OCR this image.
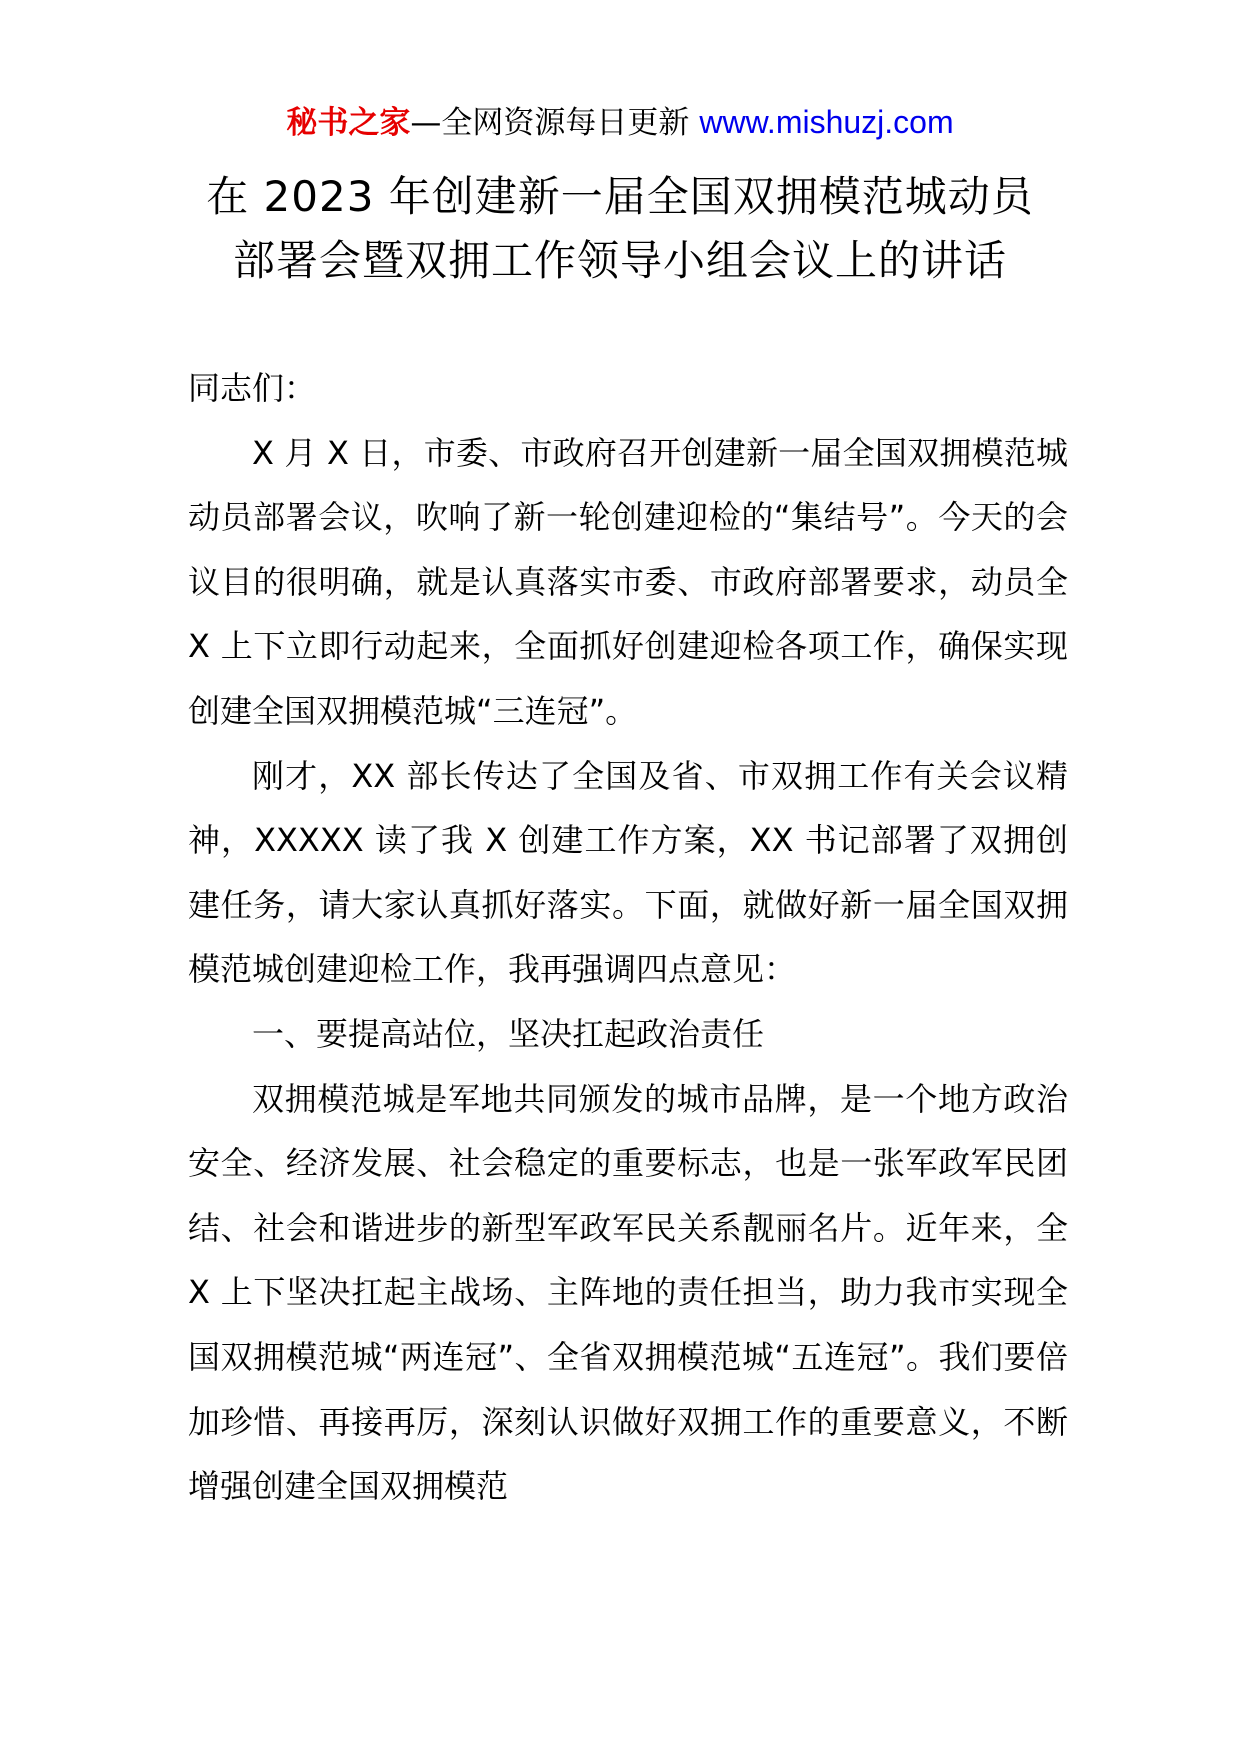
秘书之家—全网资源每日更新 www.mishuzj.com
在 2023 年创建新一届全国双拥模范城动员
部署会暨双拥工作领导小组会议上的讲话

同志们：

X 月 X 日，市委、市政府召开创建新一届全国双拥模范城动员部署会议，吹响了新一轮创建迎检的“集结号”。今天的会议目的很明确，就是认真落实市委、市政府部署要求，动员全 X 上下立即行动起来，全面抓好创建迎检各项工作，确保实现创建全国双拥模范城“三连冠”。

刚才，XX 部长传达了全国及省、市双拥工作有关会议精神，XXXXX 读了我 X 创建工作方案，XX 书记部署了双拥创建任务，请大家认真抓好落实。下面，就做好新一届全国双拥模范城创建迎检工作，我再强调四点意见：

一、要提高站位，坚决扛起政治责任

双拥模范城是军地共同颁发的城市品牌，是一个地方政治安全、经济发展、社会稳定的重要标志，也是一张军政军民团结、社会和谐进步的新型军政军民关系靓丽名片。近年来，全 X 上下坚决扛起主战场、主阵地的责任担当，助力我市实现全国双拥模范城“两连冠”、全省双拥模范城“五连冠”。我们要倍加珍惜、再接再厉，深刻认识做好双拥工作的重要意义，不断增强创建全国双拥模范
